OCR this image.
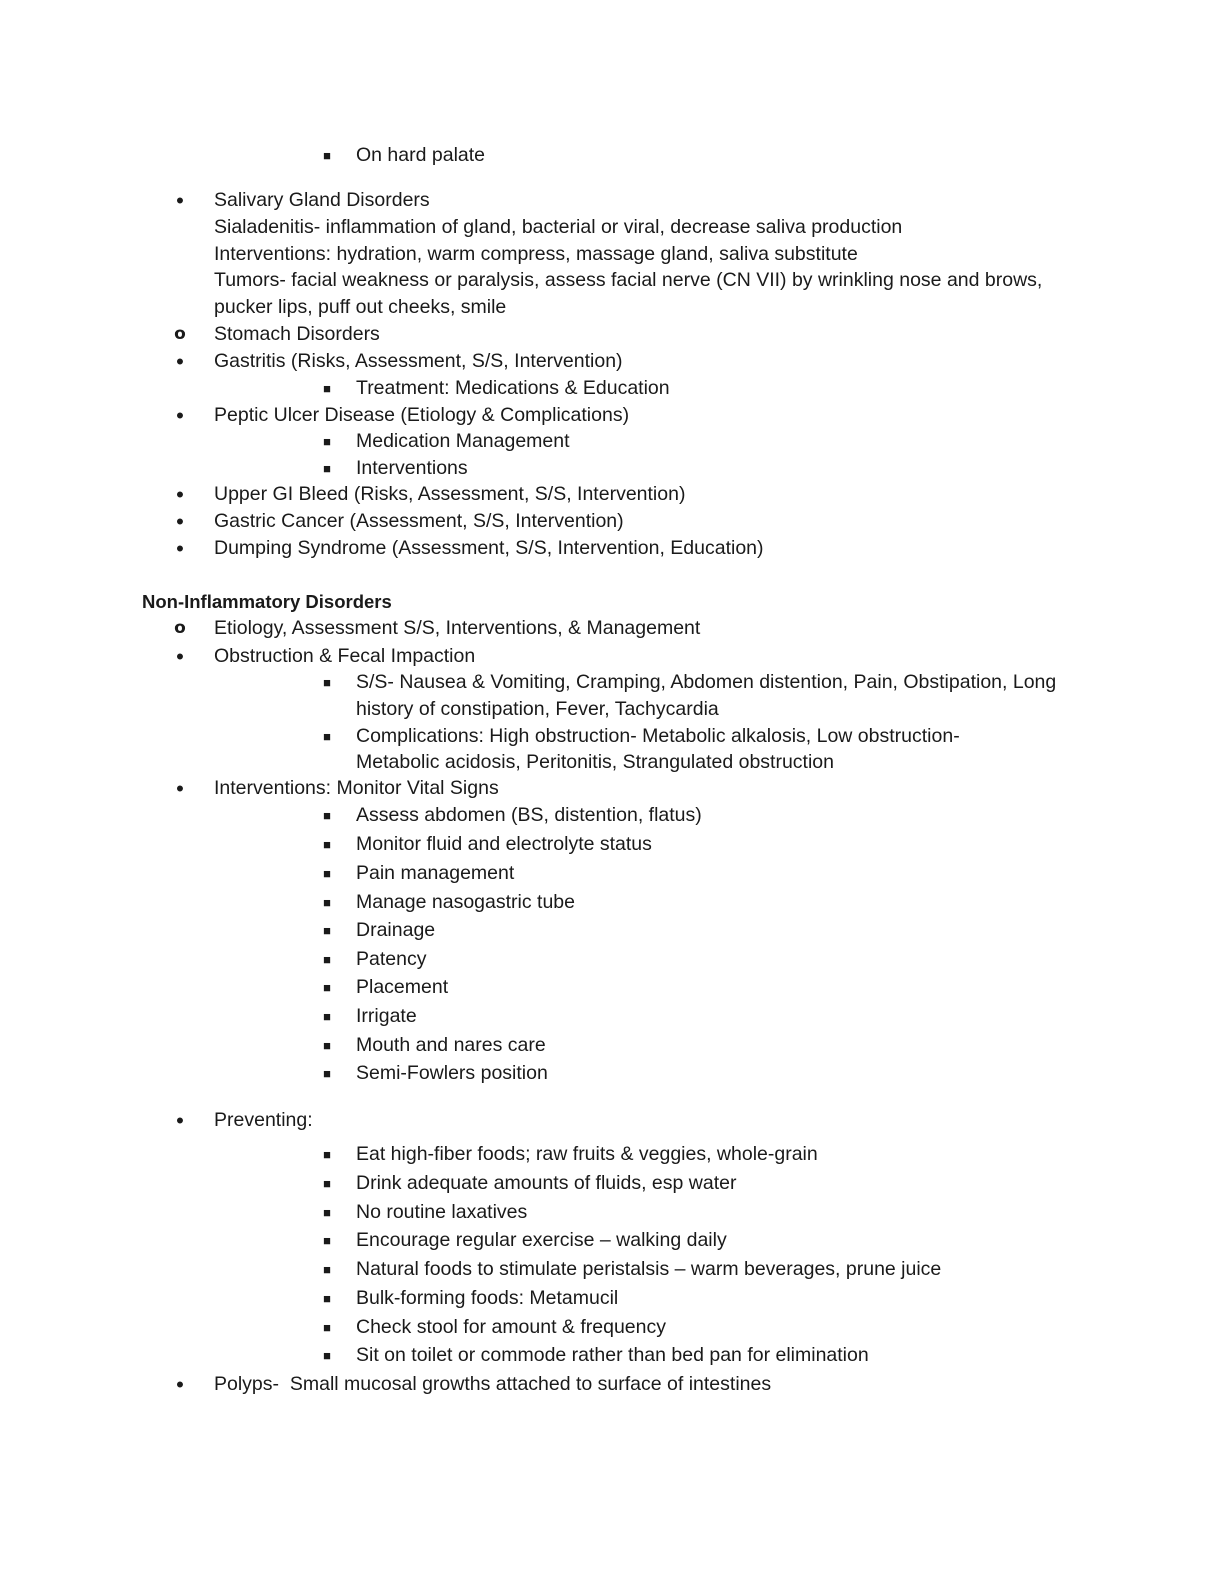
■ On hard palate
• Salivary Gland Disorders
Sialadenitis- inflammation of gland, bacterial or viral, decrease saliva production
Interventions: hydration, warm compress, massage gland, saliva substitute
Tumors- facial weakness or paralysis, assess facial nerve (CN VII) by wrinkling nose and brows,
pucker lips, puff out cheeks, smile
o Stomach Disorders
• Gastritis (Risks, Assessment, S/S, Intervention)
■ Treatment: Medications & Education
• Peptic Ulcer Disease (Etiology & Complications)
■ Medication Management
■ Interventions
• Upper GI Bleed (Risks, Assessment, S/S, Intervention)
• Gastric Cancer (Assessment, S/S, Intervention)
• Dumping Syndrome (Assessment, S/S, Intervention, Education)
Non-Inflammatory Disorders
o Etiology, Assessment S/S, Interventions, & Management
• Obstruction & Fecal Impaction
■ S/S- Nausea & Vomiting, Cramping, Abdomen distention, Pain, Obstipation, Long
history of constipation, Fever, Tachycardia
■ Complications: High obstruction- Metabolic alkalosis, Low obstruction-
Metabolic acidosis, Peritonitis, Strangulated obstruction
• Interventions: Monitor Vital Signs
■ Assess abdomen (BS, distention, flatus)
■ Monitor fluid and electrolyte status
■ Pain management
■ Manage nasogastric tube
■ Drainage
■ Patency
■ Placement
■ Irrigate
■ Mouth and nares care
■ Semi-Fowlers position
• Preventing:
■ Eat high-fiber foods; raw fruits & veggies, whole-grain
■ Drink adequate amounts of fluids, esp water
■ No routine laxatives
■ Encourage regular exercise – walking daily
■ Natural foods to stimulate peristalsis – warm beverages, prune juice
■ Bulk-forming foods: Metamucil
■ Check stool for amount & frequency
■ Sit on toilet or commode rather than bed pan for elimination
• Polyps-  Small mucosal growths attached to surface of intestines
